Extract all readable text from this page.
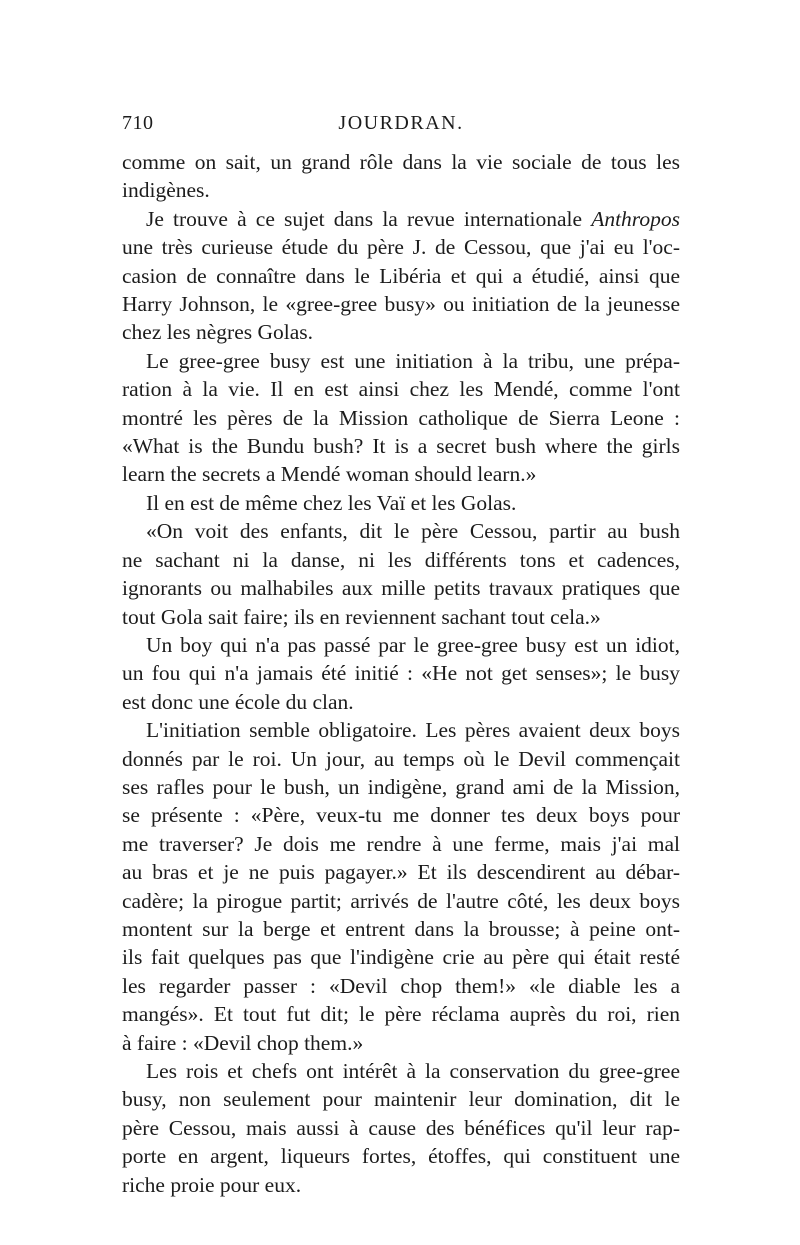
710	JOURDRAN.
comme on sait, un grand rôle dans la vie sociale de tous les
indigènes.
Je trouve à ce sujet dans la revue internationale Anthropos
une très curieuse étude du père J. de Cessou, que j'ai eu l'oc-
casion de connaître dans le Libéria et qui a étudié, ainsi que
Harry Johnson, le «gree-gree busy» ou initiation de la jeunesse
chez les nègres Golas.
Le gree-gree busy est une initiation à la tribu, une prépa-
ration à la vie. Il en est ainsi chez les Mendé, comme l'ont
montré les pères de la Mission catholique de Sierra Leone :
«What is the Bundu bush? It is a secret bush where the girls
learn the secrets a Mendé woman should learn.»
Il en est de même chez les Vaï et les Golas.
«On voit des enfants, dit le père Cessou, partir au bush
ne sachant ni la danse, ni les différents tons et cadences,
ignorants ou malhabiles aux mille petits travaux pratiques que
tout Gola sait faire; ils en reviennent sachant tout cela.»
Un boy qui n'a pas passé par le gree-gree busy est un idiot,
un fou qui n'a jamais été initié : «He not get senses»; le busy
est donc une école du clan.
L'initiation semble obligatoire. Les pères avaient deux boys
donnés par le roi. Un jour, au temps où le Devil commençait
ses rafles pour le bush, un indigène, grand ami de la Mission,
se présente : «Père, veux-tu me donner tes deux boys pour
me traverser? Je dois me rendre à une ferme, mais j'ai mal
au bras et je ne puis pagayer.» Et ils descendirent au débar-
cadère; la pirogue partit; arrivés de l'autre côté, les deux boys
montent sur la berge et entrent dans la brousse; à peine ont-
ils fait quelques pas que l'indigène crie au père qui était resté
les regarder passer : «Devil chop them!» «le diable les a
mangés». Et tout fut dit; le père réclama auprès du roi, rien
à faire : «Devil chop them.»
Les rois et chefs ont intérêt à la conservation du gree-gree
busy, non seulement pour maintenir leur domination, dit le
père Cessou, mais aussi à cause des bénéfices qu'il leur rap-
porte en argent, liqueurs fortes, étoffes, qui constituent une
riche proie pour eux.
